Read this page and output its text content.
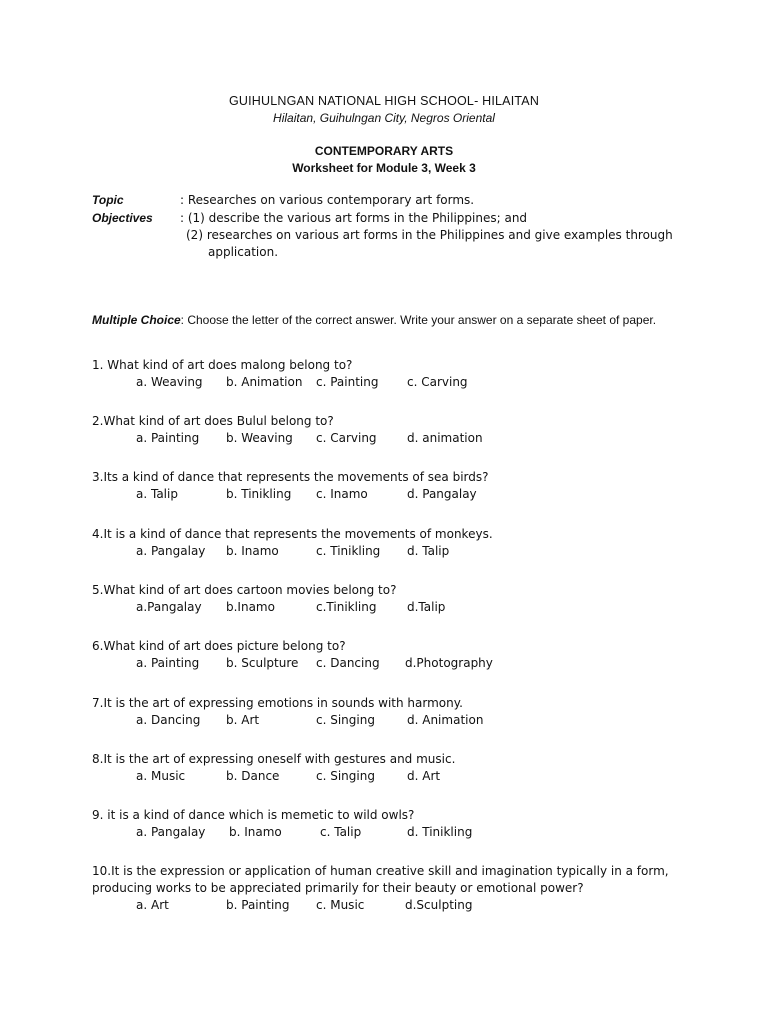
GUIHULNGAN NATIONAL HIGH SCHOOL- HILAITAN
Hilaitan, Guihulngan City, Negros Oriental
CONTEMPORARY ARTS
Worksheet for Module 3, Week 3
Topic	: Researches on various contemporary art forms.
Objectives : (1) describe the various art forms in the Philippines; and
(2) researches on various art forms in the Philippines and give examples through
application.
Multiple Choice: Choose the letter of the correct answer. Write your answer on a separate sheet of paper.
1. What kind of art does malong belong to?
a. Weaving b. Animation c. Painting c. Carving
2.What kind of art does Bulul belong to?
a. Painting b. Weaving c. Carving	d. animation
3.Its a kind of dance that represents the movements of sea birds?
a. Talip	b. Tinikling c. Inamo	d. Pangalay
4.It is a kind of dance that represents the movements of monkeys.
a. Pangalay b. Inamo	c. Tinikling d. Talip
5.What kind of art does cartoon movies belong to?
a.Pangalay b.Inamo	c.Tinikling	d.Talip
6.What kind of art does picture belong to?
a. Painting b. Sculpture c. Dancing d.Photography
7.It is the art of expressing emotions in sounds with harmony.
a. Dancing b. Art	c. Singing	d. Animation
8.It is the art of expressing oneself with gestures and music.
a. Music	b. Dance	c. Singing	d. Art
9. it is a kind of dance which is memetic to wild owls?
a. Pangalay b. Inamo	c. Talip	d. Tinikling
10.It is the expression or application of human creative skill and imagination typically in a form,
producing works to be appreciated primarily for their beauty or emotional power?
a. Art	b. Painting c. Music	d.Sculpting
